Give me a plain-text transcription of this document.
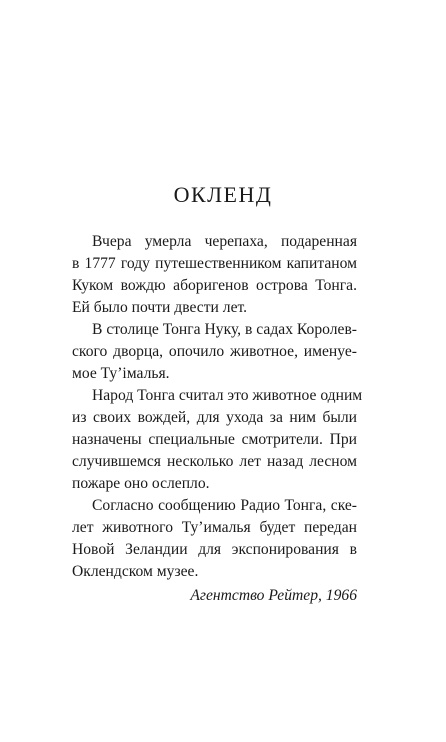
ОКЛЕНД

Вчера умерла черепаха, подаренная
в 1777 году путешественником капитаном
Куком вождю аборигенов острова Тонга.
Ей было почти двести лет.

В столице Тонга Нуку, в садах Королев-
ского дворца, опочило животное, именуе-
мое Ту’імалья.

Народ Тонга считал это животное одним
из своих вождей, для ухода за ним были
назначены специальные смотрители. При
случившемся несколько лет назад лесном
пожаре оно ослепло.

Согласно сообщению Радио Тонга, ске-
лет животного Ту’ималья будет передан
Новой Зеландии для экспонирования в
Оклендском музее.

Агентство Рейтер, 1966
